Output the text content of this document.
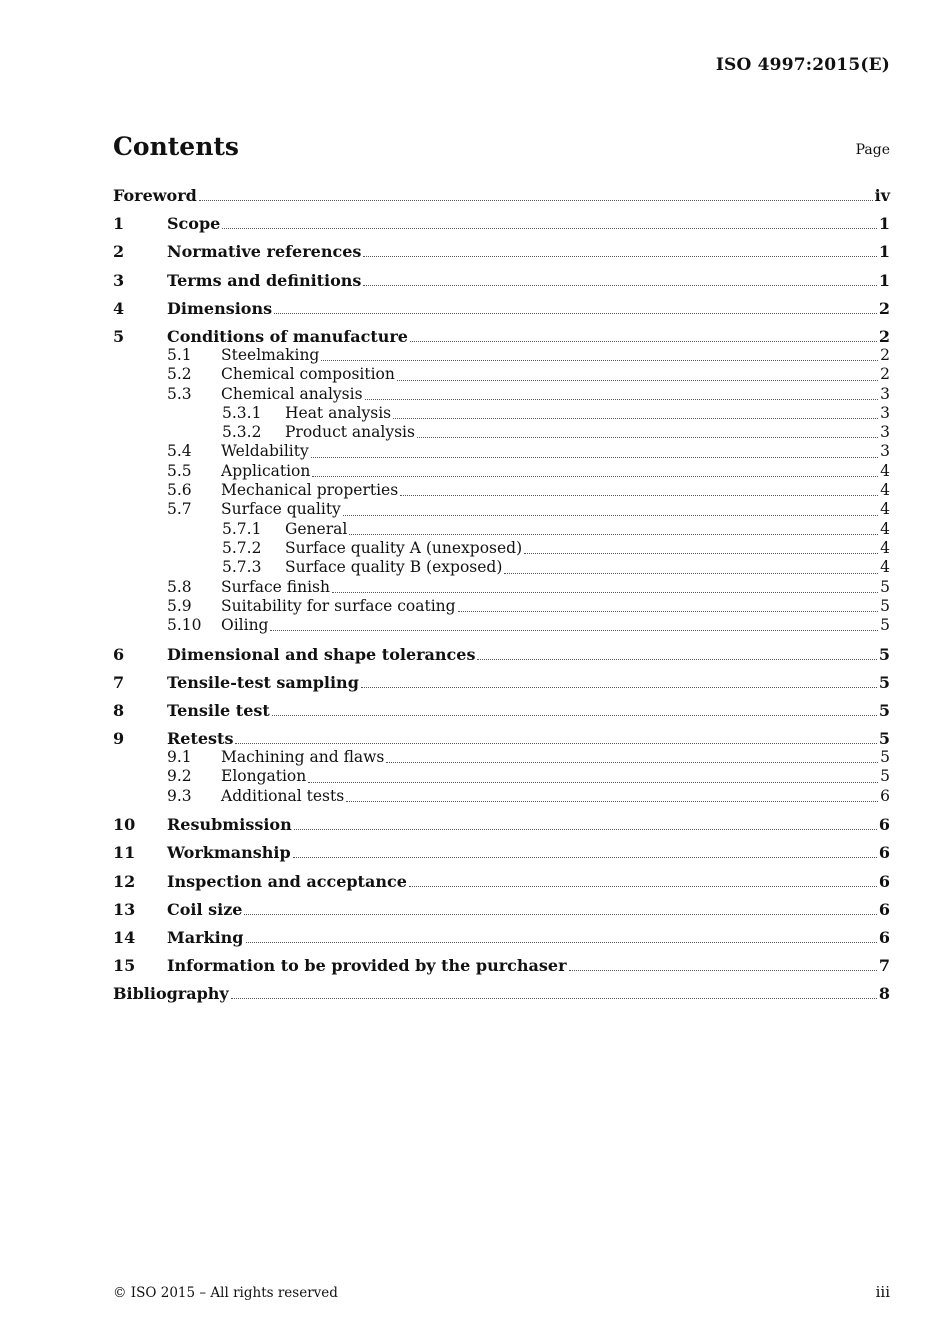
ISO 4997:2015(E)
Contents	Page
Foreword	iv
1	Scope	1
2	Normative references	1
3	Terms and definitions	1
4	Dimensions	2
5	Conditions of manufacture	2
5.1	Steelmaking	2
5.2	Chemical composition	2
5.3	Chemical analysis	3
5.3.1	Heat analysis	3
5.3.2	Product analysis	3
5.4	Weldability	3
5.5	Application	4
5.6	Mechanical properties	4
5.7	Surface quality	4
5.7.1	General	4
5.7.2	Surface quality A (unexposed)	4
5.7.3	Surface quality B (exposed)	4
5.8	Surface finish	5
5.9	Suitability for surface coating	5
5.10	Oiling	5
6	Dimensional and shape tolerances	5
7	Tensile-test sampling	5
8	Tensile test	5
9	Retests	5
9.1	Machining and flaws	5
9.2	Elongation	5
9.3	Additional tests	6
10	Resubmission	6
11	Workmanship	6
12	Inspection and acceptance	6
13	Coil size	6
14	Marking	6
15	Information to be provided by the purchaser	7
Bibliography	8
© ISO 2015 – All rights reserved	iii
